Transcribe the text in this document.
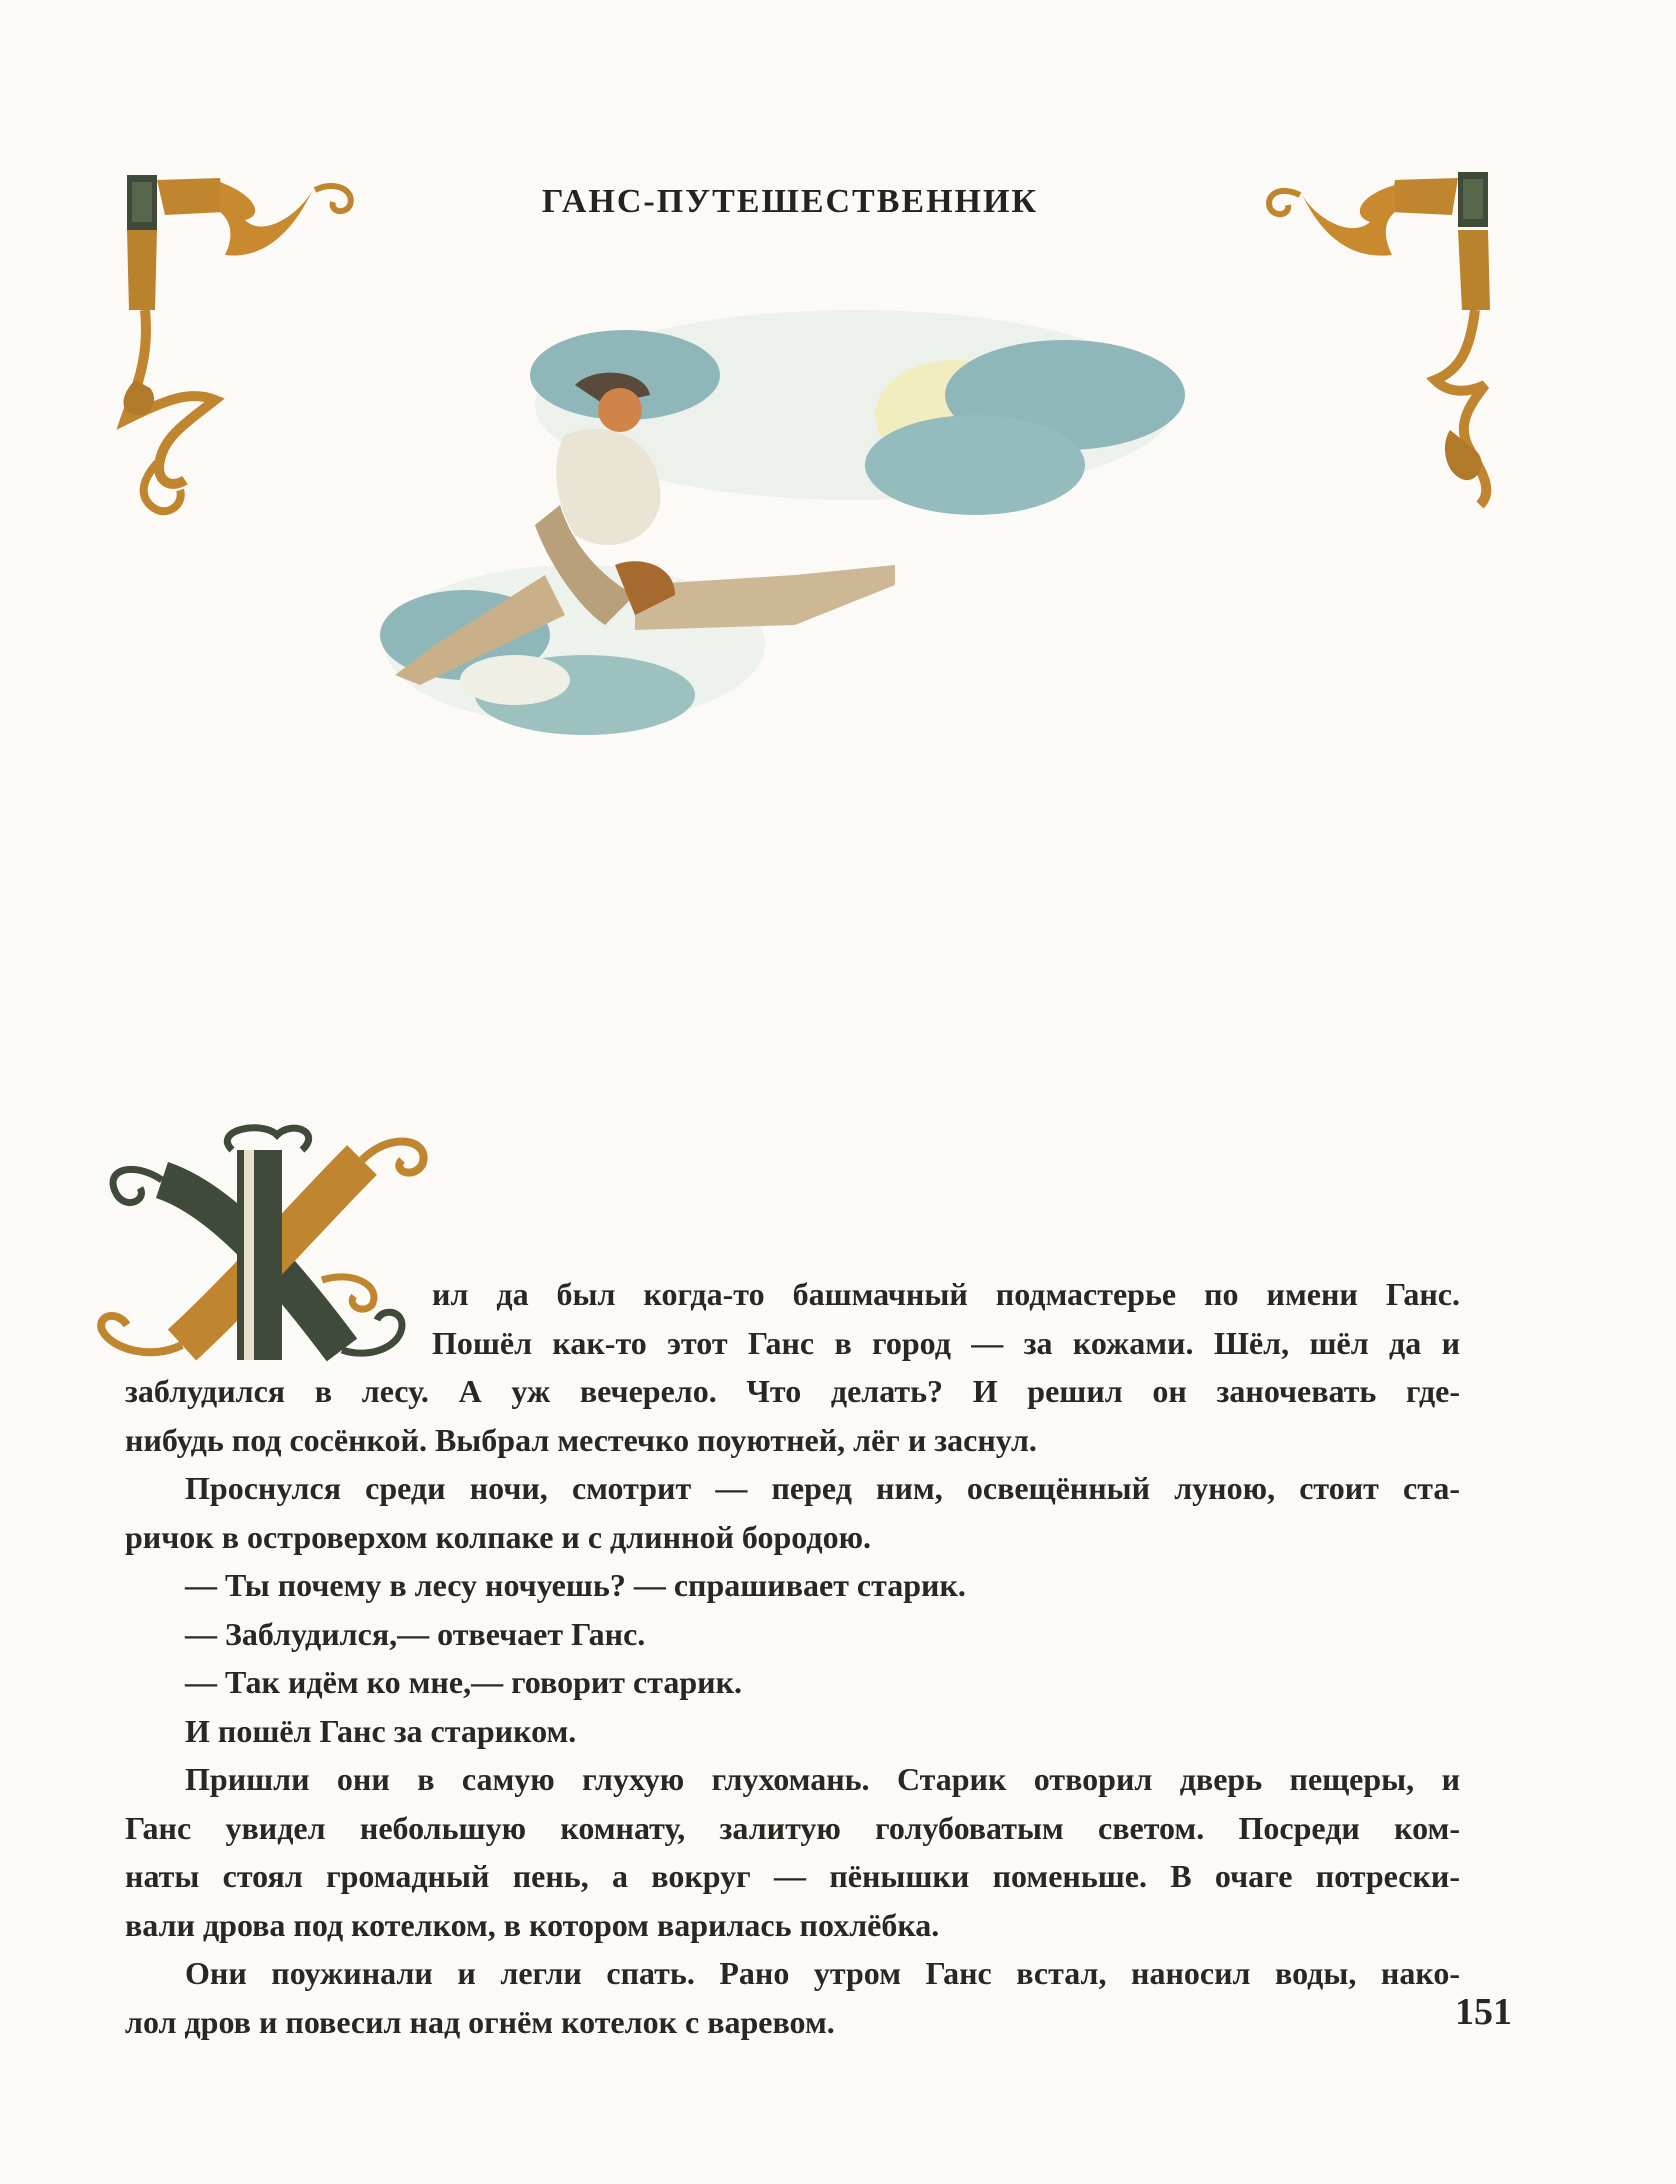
ГАНС-ПУТЕШЕСТВЕННИК
ил да был когда-то башмачный подмастерье по имени Ганс.
Пошёл как-то этот Ганс в город — за кожами. Шёл, шёл да и
заблудился в лесу. А уж вечерело. Что делать? И решил он заночевать где-
нибудь под сосёнкой. Выбрал местечко поуютней, лёг и заснул.
Проснулся среди ночи, смотрит — перед ним, освещённый луною, стоит ста-
ричок в островерхом колпаке и с длинной бородою.
— Ты почему в лесу ночуешь? — спрашивает старик.
— Заблудился,— отвечает Ганс.
— Так идём ко мне,— говорит старик.
И пошёл Ганс за стариком.
Пришли они в самую глухую глухомань. Старик отворил дверь пещеры, и
Ганс увидел небольшую комнату, залитую голубоватым светом. Посреди ком-
наты стоял громадный пень, а вокруг — пёнышки поменьше. В очаге потрески-
вали дрова под котелком, в котором варилась похлёбка.
Они поужинали и легли спать. Рано утром Ганс встал, наносил воды, нако-
лол дров и повесил над огнём котелок с варевом.	151
